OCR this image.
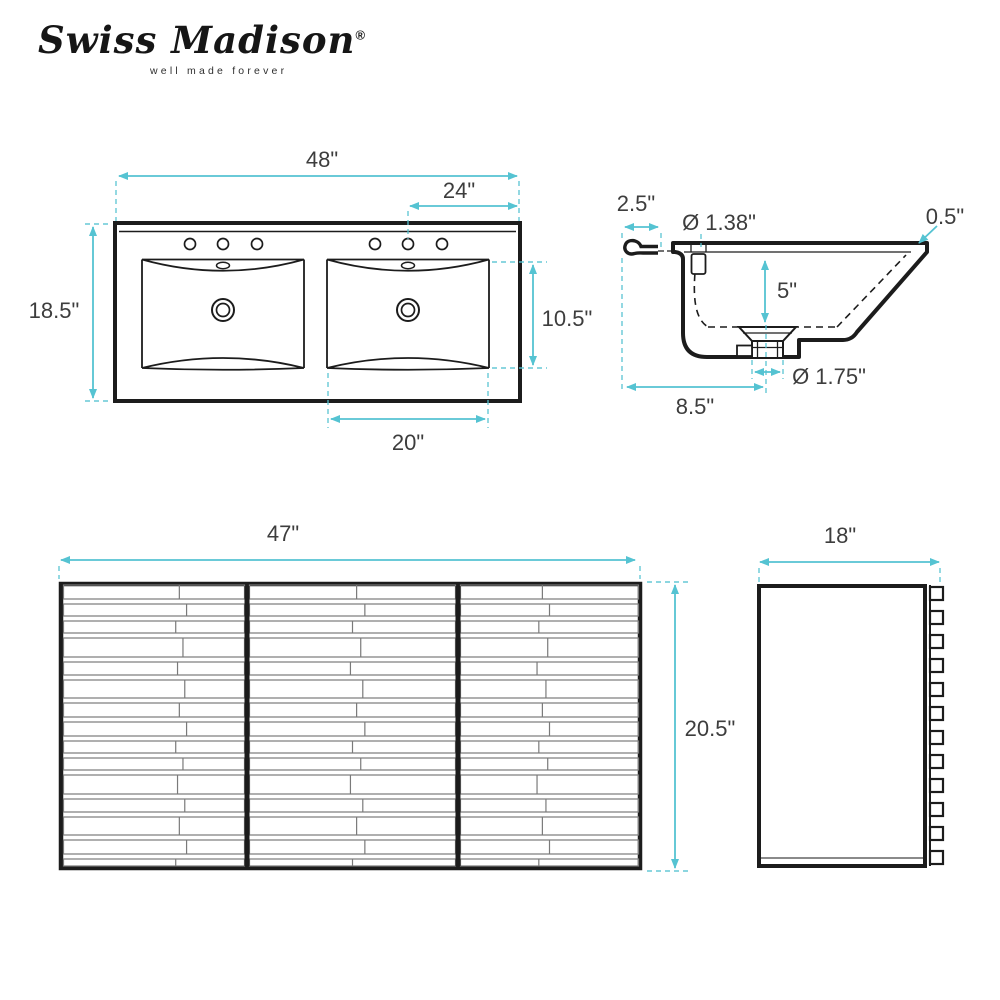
Swiss Madison®
well made forever
48"
24"
18.5"	10.5"
20"
2.5"
Ø 1.38"	0.5"
5"
Ø 1.75"
8.5"
47"
20.5"
18"
